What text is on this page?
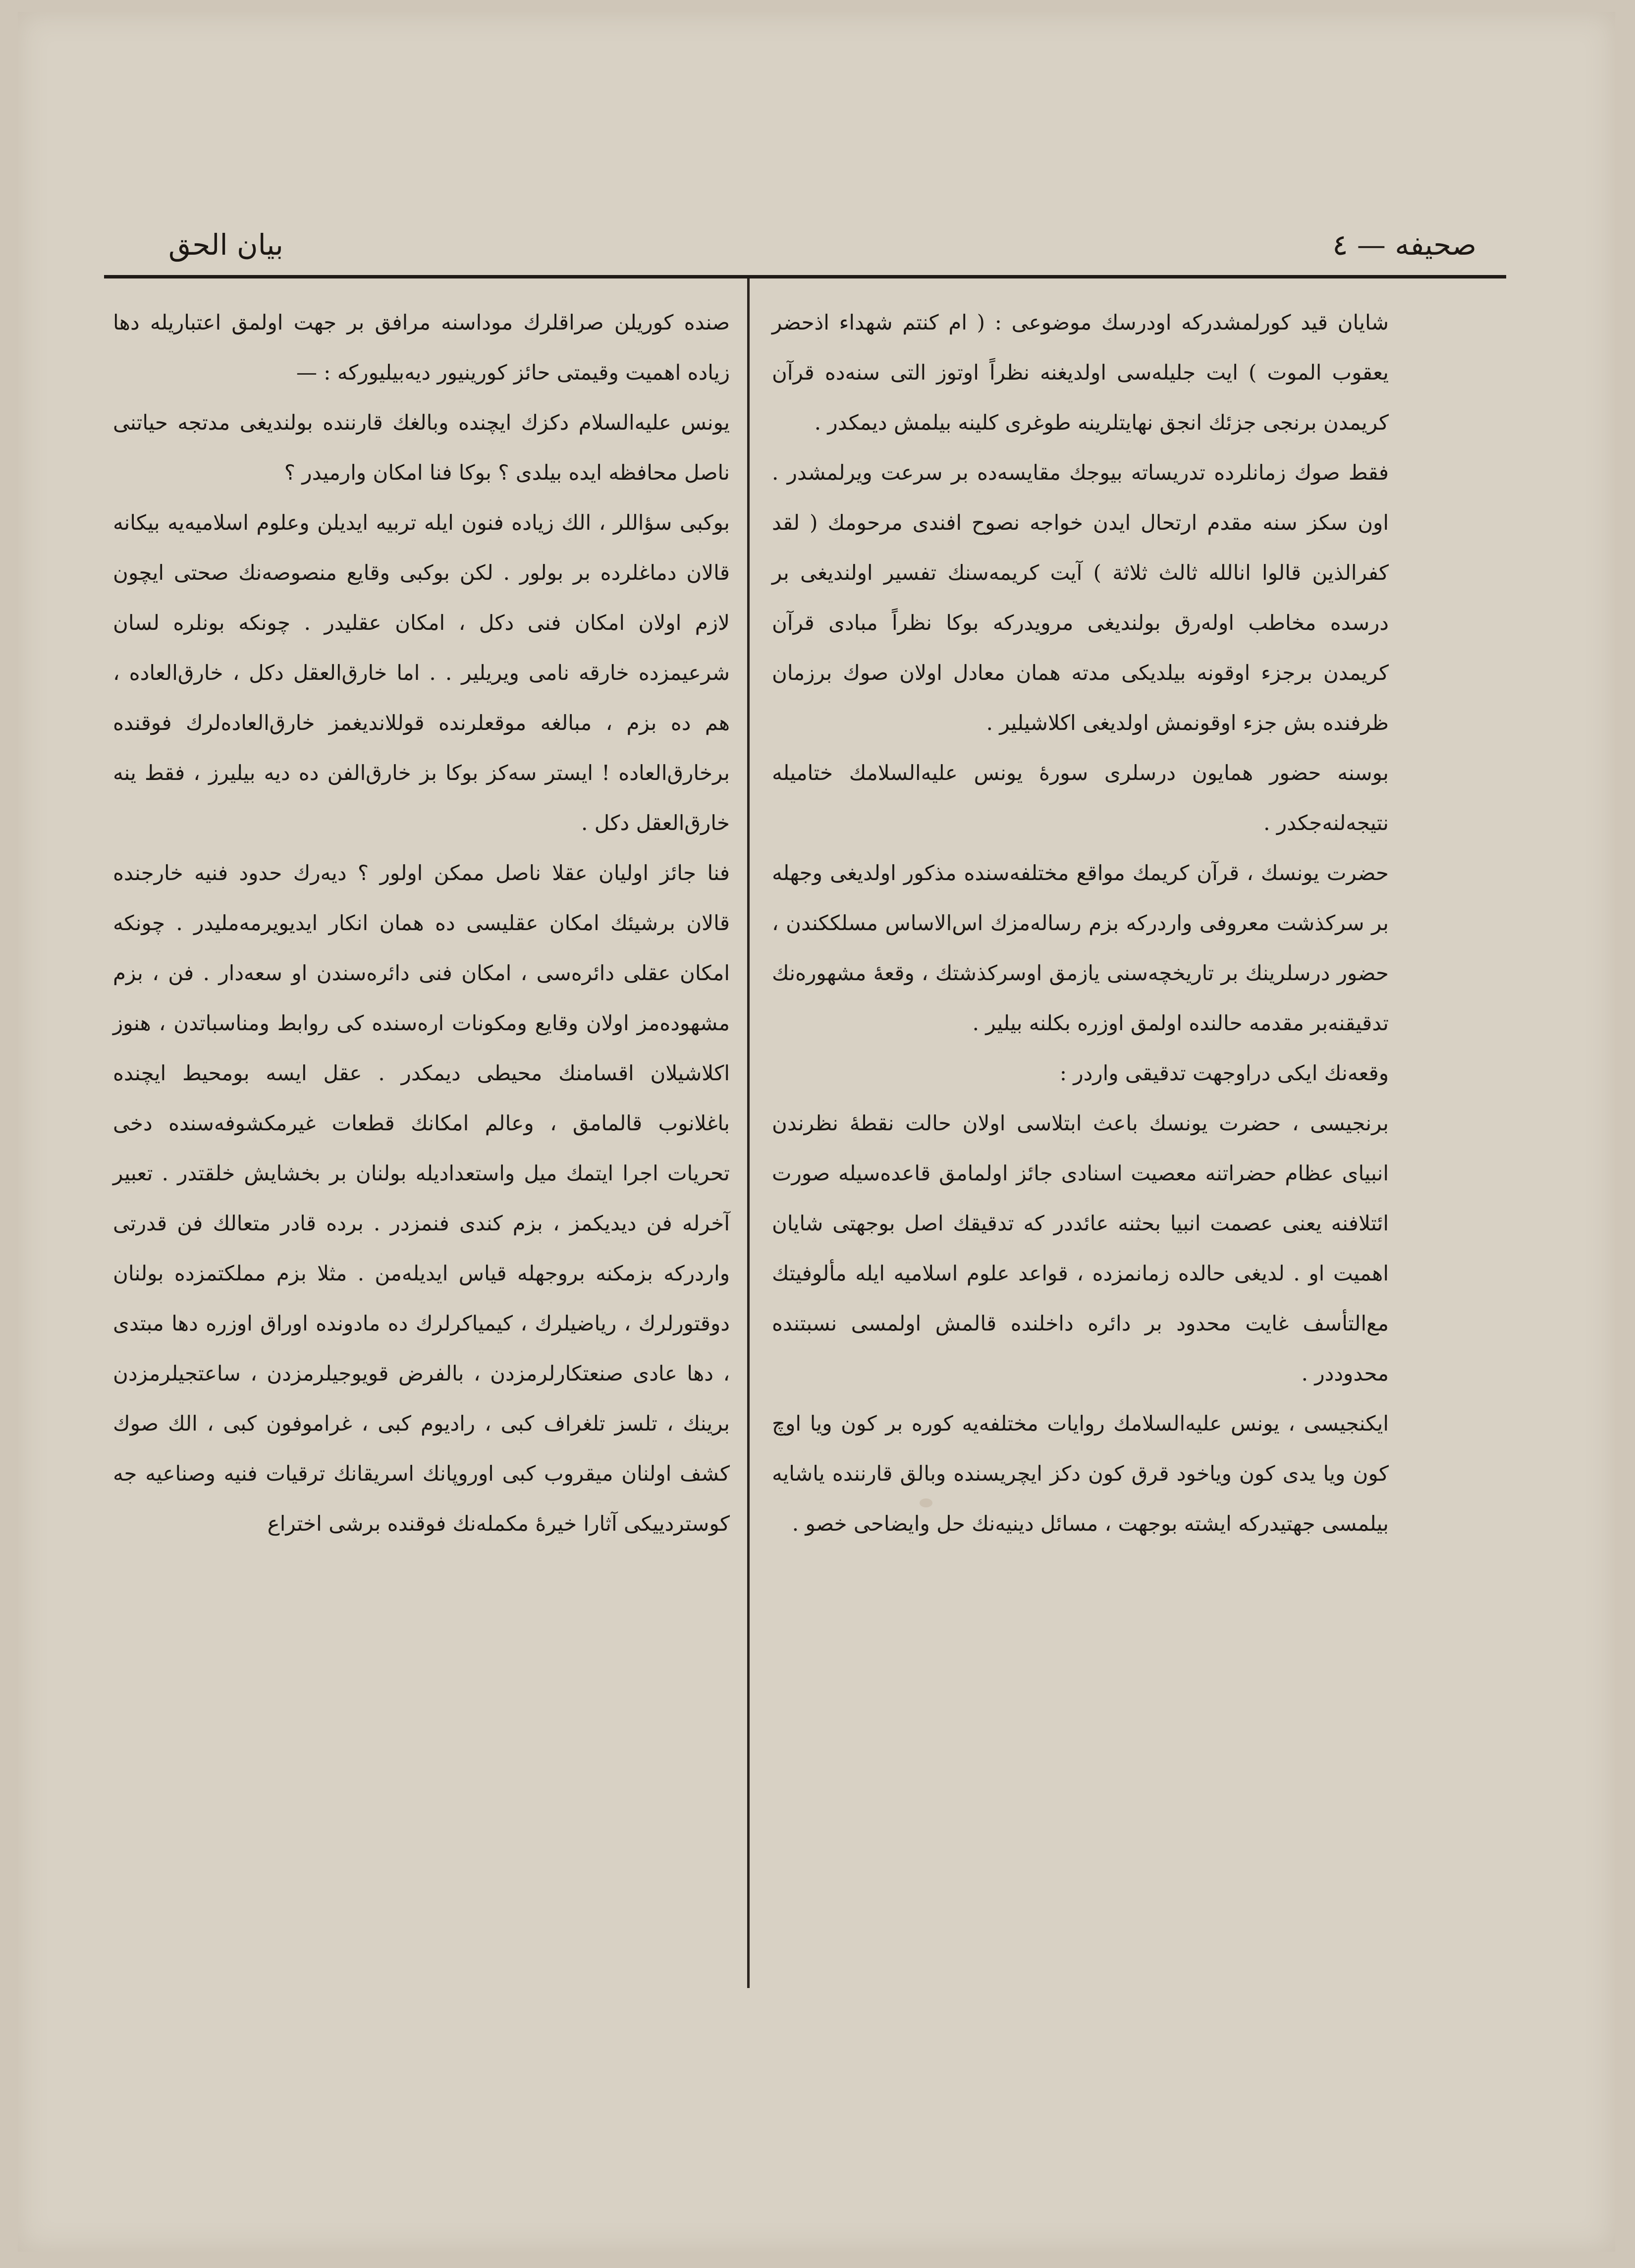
بيان الحق	صحيفه — ٤

شايان قيد كورلمشدركه اودرسك موضوعى : ( ام كنتم شهداء اذحضر يعقوب الموت ) ايت جليله‌سى اولديغنه نظراً اوتوز التى سنه‌ده قرآن كريمدن برنجى جزئك انجق نهايتلرينه طوغرى كلينه بيلمش ديمكدر .

فقط صوك زمانلرده تدريساته بيوجك مقايسه‌ده بر سرعت ويرلمشدر . اون سكز سنه مقدم ارتحال ايدن خواجه نصوح افندى مرحومك ( لقد كفرالذين قالوا انالله ثالث ثلاثة ) آيت كريمه‌سنك تفسير اولنديغى بر درسده مخاطب اولەرق بولنديغى مرويدركه بوكا نظراً مبادى قرآن كريمدن برجزء اوقونه بيلديكى مدته همان معادل اولان صوك برزمان ظرفنده بش جزء اوقونمش اولديغى اكلاشيلير .

بوسنه حضور همايون درسلرى سورهٔ يونس عليه‌السلامك ختاميله نتيجه‌لنه‌جكدر .

حضرت يونسك ، قرآن كريمك مواقع مختلفه‌سنده مذكور اولديغى وجهله بر سركذشت معروفى واردركه بزم رساله‌مزك اس‌الاساس مسلككندن ، حضور درسلرينك بر تاريخچه‌سنى يازمق اوسركذشتك ، وقعهٔ مشهوره‌نك تدقيقنه‌بر مقدمه حالنده اولمق اوزره بكلنه بيلير .

وقعه‌نك ايكى دراوجهت تدقيقى واردر :

برنجيسى ، حضرت يونسك باعث ابتلاسى اولان حالت نقطهٔ نظرندن انبياى عظام حضراتنه معصيت اسنادى جائز اولمامق قاعده‌سيله صورت ائتلافنه يعنى عصمت انبيا بحثنه عائددر كه تدقيقك اصل بوجهتى شايان اهميت او . لديغى حالده زمانمزده ، قواعد علوم اسلاميه ايله مألوفيتك مع‌التأسف غايت محدود بر دائره داخلنده قالمش اولمسى نسبتنده محدوددر .

ايكنجيسى ، يونس عليه‌السلامك روايات مختلفه‌يه كوره بر كون ويا اوچ كون ويا يدى كون وياخود قرق كون دكز ايچريسنده وبالق قارننده ياشايه بيلمسى جهتيدركه ايشته بوجهت ، مسائل دينيه‌نك حل وايضاحى خصو .

صنده كوريلن صراقلرك موداسنه مرافق بر جهت اولمق اعتباريله دها زياده اهميت وقيمتى حائز كورينيور ديه‌بيليوركه : —

يونس عليه‌السلام دكزك ايچنده وبالغك قارننده بولنديغى مدتجه حياتنى ناصل محافظه ايده بيلدى ؟ بوكا فنا امكان وارميدر ؟

بوكبى سؤاللر ، الك زياده فنون ايله تربيه ايديلن وعلوم اسلاميه‌يه بيكانه قالان دماغلرده بر بولور . لكن بوكبى وقايع منصوصه‌نك صحتى ايچون لازم اولان امكان فنى دكل ، امكان عقليدر . چونكه بونلره لسان شرعيمزده خارقه نامى ويريلير . . اما خارق‌العقل دكل ، خارق‌العاده ، هم ده بزم ، مبالغه موقعلرنده قوللانديغمز خارق‌العاده‌لرك فوقنده برخارق‌العاده ! ايستر سه‌كز بوكا بز خارق‌الفن ده ديه بيليرز ، فقط ينه خارق‌العقل دكل .

فنا جائز اوليان عقلا ناصل ممكن اولور ؟ ديه‌رك حدود فنيه خارجنده قالان برشيئك امكان عقليسى ده همان انكار ايديويرمه‌مليدر . چونكه امكان عقلى دائره‌سى ، امكان فنى دائره‌سندن او سعه‌دار . فن ، بزم مشهوده‌مز اولان وقايع ومكونات ارەسنده كى روابط ومناسباتدن ، هنوز اكلاشيلان اقسامنك محيطى ديمكدر . عقل ايسه بومحيط ايچنده باغلانوب قالمامق ، وعالم امكانك قطعات غيرمكشوفه‌سنده دخى تحريات اجرا ايتمك ميل واستعداديله بولنان بر بخشايش خلقتدر . تعبير آخرله فن ديديكمز ، بزم كندى فنمزدر . برده قادر متعالك فن قدرتى واردركه بزمكنه بروجهله قياس ايديله‌من . مثلا بزم مملكتمزده بولنان دوقتورلرك ، رياضيلرك ، كيمياكرلرك ده مادونده اوراق اوزره دها مبتدى ، دها عادى صنعتكارلرمزدن ، بالفرض قويوجيلرمزدن ، ساعتجيلرمزدن برينك ، تلسز تلغراف كبى ، راديوم كبى ، غراموفون كبى ، الك صوك كشف اولنان ميقروب كبى اوروپانك اسريقانك ترقيات فنيه وصناعيه جه كوستردييكى آثارا خيرهٔ مكملەنك فوقنده برشى اختراع
